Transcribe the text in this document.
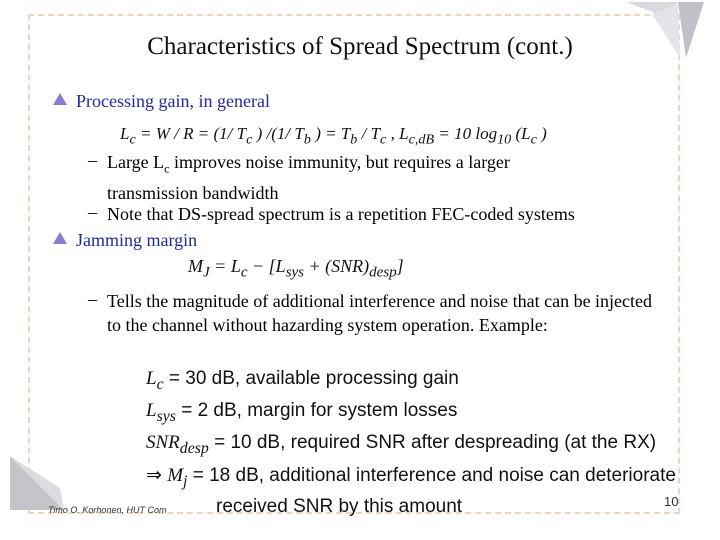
Characteristics of Spread Spectrum (cont.)
Processing gain, in general
$L_c = W / R = (1/$ $T_c$ ) /(1/ $T_b$ ) = $T_b / T_c$ , $L_{c,dB} = 10$ $\log_{10} (L_c$ )
– Large $L_c$ improves noise immunity, but requires a larger
transmission bandwidth
– Note that DS-spread spectrum is a repetition FEC-coded systems
Jamming margin
$M_J = L_c - [L_{sys} + (SNR)_{desp}]$
– Tells the magnitude of additional interference and noise that can be injected to the channel without hazarding system operation. Example:
$L_c = 30$ dB, available processing gain
$L_{sys} = 2$ dB, margin for system losses
$SNR_{desp} = 10$ dB, required SNR after despreading (at the RX)
⇒ $M_j = 18$ dB, additional interference and noise can deteriorate
received SNR by this amount
Timo O. Korhonen, HUT Com
10
